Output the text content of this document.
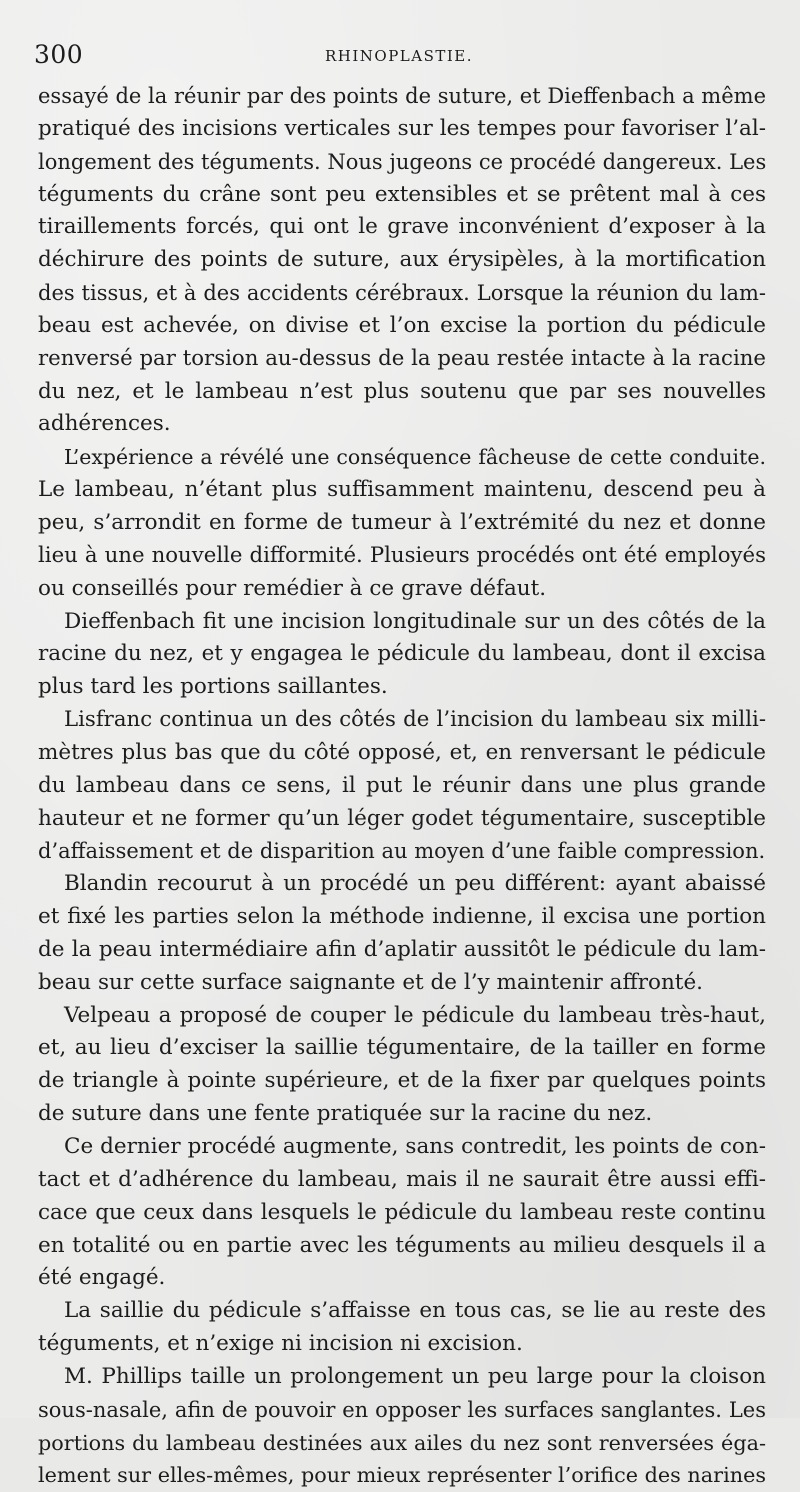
300	RHINOPLASTIE.
essayé de la réunir par des points de suture, et Dieffenbach a même
pratiqué des incisions verticales sur les tempes pour favoriser l’al-
longement des téguments. Nous jugeons ce procédé dangereux. Les
téguments du crâne sont peu extensibles et se prêtent mal à ces
tiraillements forcés, qui ont le grave inconvénient d’exposer à la
déchirure des points de suture, aux érysipèles, à la mortification
des tissus, et à des accidents cérébraux. Lorsque la réunion du lam-
beau est achevée, on divise et l’on excise la portion du pédicule
renversé par torsion au-dessus de la peau restée intacte à la racine
du nez, et le lambeau n’est plus soutenu que par ses nouvelles
adhérences.
L’expérience a révélé une conséquence fâcheuse de cette conduite.
Le lambeau, n’étant plus suffisamment maintenu, descend peu à
peu, s’arrondit en forme de tumeur à l’extrémité du nez et donne
lieu à une nouvelle difformité. Plusieurs procédés ont été employés
ou conseillés pour remédier à ce grave défaut.
Dieffenbach fit une incision longitudinale sur un des côtés de la
racine du nez, et y engagea le pédicule du lambeau, dont il excisa
plus tard les portions saillantes.
Lisfranc continua un des côtés de l’incision du lambeau six milli-
mètres plus bas que du côté opposé, et, en renversant le pédicule
du lambeau dans ce sens, il put le réunir dans une plus grande
hauteur et ne former qu’un léger godet tégumentaire, susceptible
d’affaissement et de disparition au moyen d’une faible compression.
Blandin recourut à un procédé un peu différent: ayant abaissé
et fixé les parties selon la méthode indienne, il excisa une portion
de la peau intermédiaire afin d’aplatir aussitôt le pédicule du lam-
beau sur cette surface saignante et de l’y maintenir affronté.
Velpeau a proposé de couper le pédicule du lambeau très-haut,
et, au lieu d’exciser la saillie tégumentaire, de la tailler en forme
de triangle à pointe supérieure, et de la fixer par quelques points
de suture dans une fente pratiquée sur la racine du nez.
Ce dernier procédé augmente, sans contredit, les points de con-
tact et d’adhérence du lambeau, mais il ne saurait être aussi effi-
cace que ceux dans lesquels le pédicule du lambeau reste continu
en totalité ou en partie avec les téguments au milieu desquels il a
été engagé.
La saillie du pédicule s’affaisse en tous cas, se lie au reste des
téguments, et n’exige ni incision ni excision.
M. Phillips taille un prolongement un peu large pour la cloison
sous-nasale, afin de pouvoir en opposer les surfaces sanglantes. Les
portions du lambeau destinées aux ailes du nez sont renversées éga-
lement sur elles-mêmes, pour mieux représenter l’orifice des narines
